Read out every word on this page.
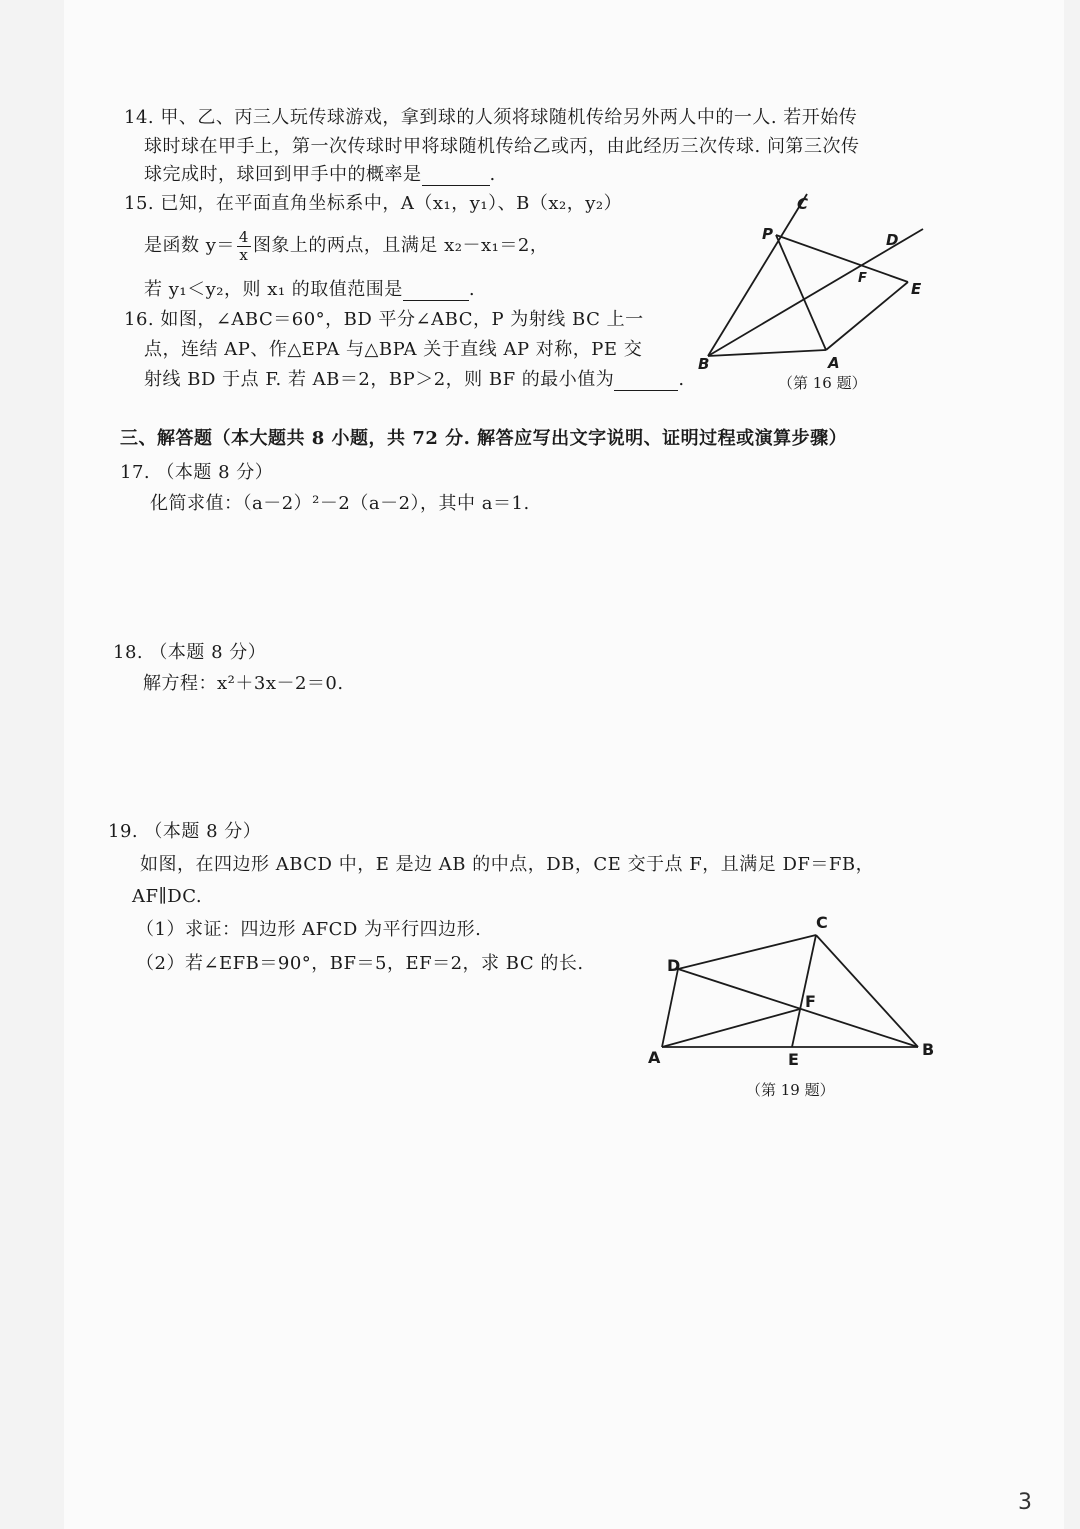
14. 甲、乙、丙三人玩传球游戏，拿到球的人须将球随机传给另外两人中的一人. 若开始传
球时球在甲手上，第一次传球时甲将球随机传给乙或丙，由此经历三次传球. 问第三次传
球完成时，球回到甲手中的概率是	.
15. 已知，在平面直角坐标系中，A（x₁，y₁）、B（x₂，y₂）
是函数 $y= \frac{4}{x}$ 图象上的两点，且满足 x₂－x₁＝2，
若 y₁＜y₂，则 x₁ 的取值范围是	.
16. 如图，∠ABC＝60°，BD 平分∠ABC，P 为射线 BC 上一
点，连结 AP、作△EPA 与△BPA 关于直线 AP 对称，PE 交
射线 BD 于点 F. 若 AB＝2，BP＞2，则 BF 的最小值为	.
C
P	D
F
E
B	A
（第 16 题）
三、解答题（本大题共 8 小题，共 72 分. 解答应写出文字说明、证明过程或演算步骤）
17. （本题 8 分）
化简求值：（a－2）²－2（a－2），其中 a＝1.
18. （本题 8 分）
解方程：x²＋3x－2＝0.
19. （本题 8 分）
如图，在四边形 ABCD 中，E 是边 AB 的中点，DB，CE 交于点 F，且满足 DF＝FB，
AF∥DC.
（1）求证：四边形 AFCD 为平行四边形.
（2）若∠EFB＝90°，BF＝5，EF＝2，求 BC 的长.
C
D
F
A	E
B
（第 19 题）
3
